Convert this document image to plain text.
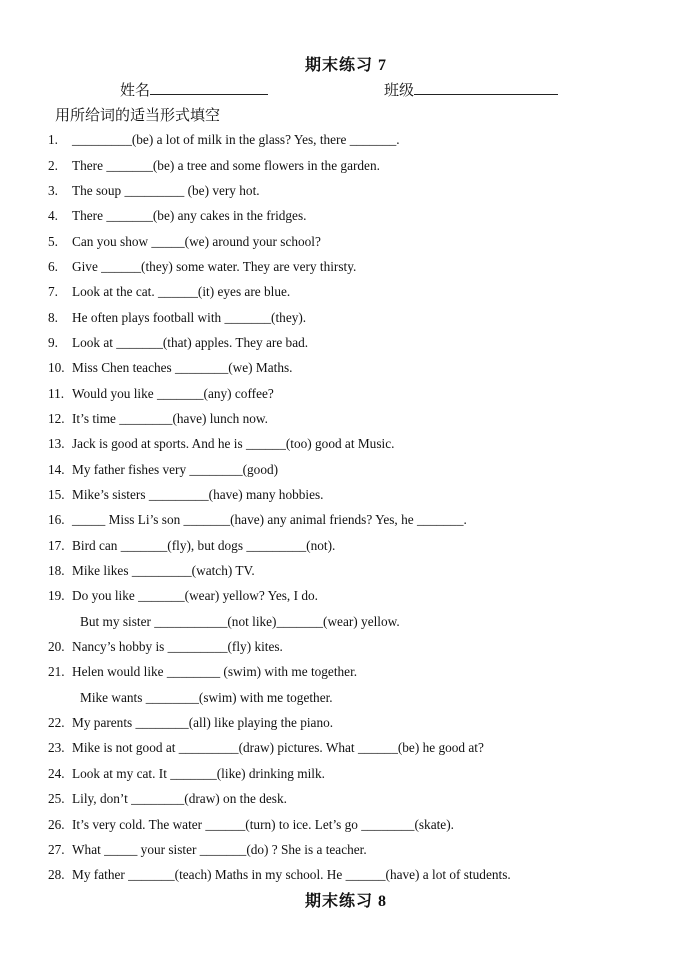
期末练习 7
姓名	班级
用所给词的适当形式填空
1. _________(be) a lot of milk in the glass? Yes, there _______.
2. There _______(be) a tree and some flowers in the garden.
3. The soup _________ (be) very hot.
4. There _______(be) any cakes in the fridges.
5. Can you show _____(we) around your school?
6. Give ______(they) some water. They are very thirsty.
7. Look at the cat. ______(it) eyes are blue.
8. He often plays football with _______(they).
9. Look at _______(that) apples. They are bad.
10. Miss Chen teaches ________(we) Maths.
11. Would you like _______(any) coffee?
12. It’s time ________(have) lunch now.
13. Jack is good at sports. And he is ______(too) good at Music.
14. My father fishes very ________(good)
15. Mike’s sisters _________(have) many hobbies.
16. _____ Miss Li’s son _______(have) any animal friends? Yes, he _______.
17. Bird can _______(fly), but dogs _________(not).
18. Mike likes _________(watch) TV.
19. Do you like _______(wear) yellow? Yes, I do.
But my sister ___________(not like)_______(wear) yellow.
20. Nancy’s hobby is _________(fly) kites.
21. Helen would like ________ (swim) with me together.
Mike wants ________(swim) with me together.
22. My parents ________(all) like playing the piano.
23. Mike is not good at _________(draw) pictures. What ______(be) he good at?
24. Look at my cat. It _______(like) drinking milk.
25. Lily, don’t ________(draw) on the desk.
26. It’s very cold. The water ______(turn) to ice. Let’s go ________(skate).
27. What _____ your sister _______(do) ? She is a teacher.
28. My father _______(teach) Maths in my school. He ______(have) a lot of students.
期末练习 8
